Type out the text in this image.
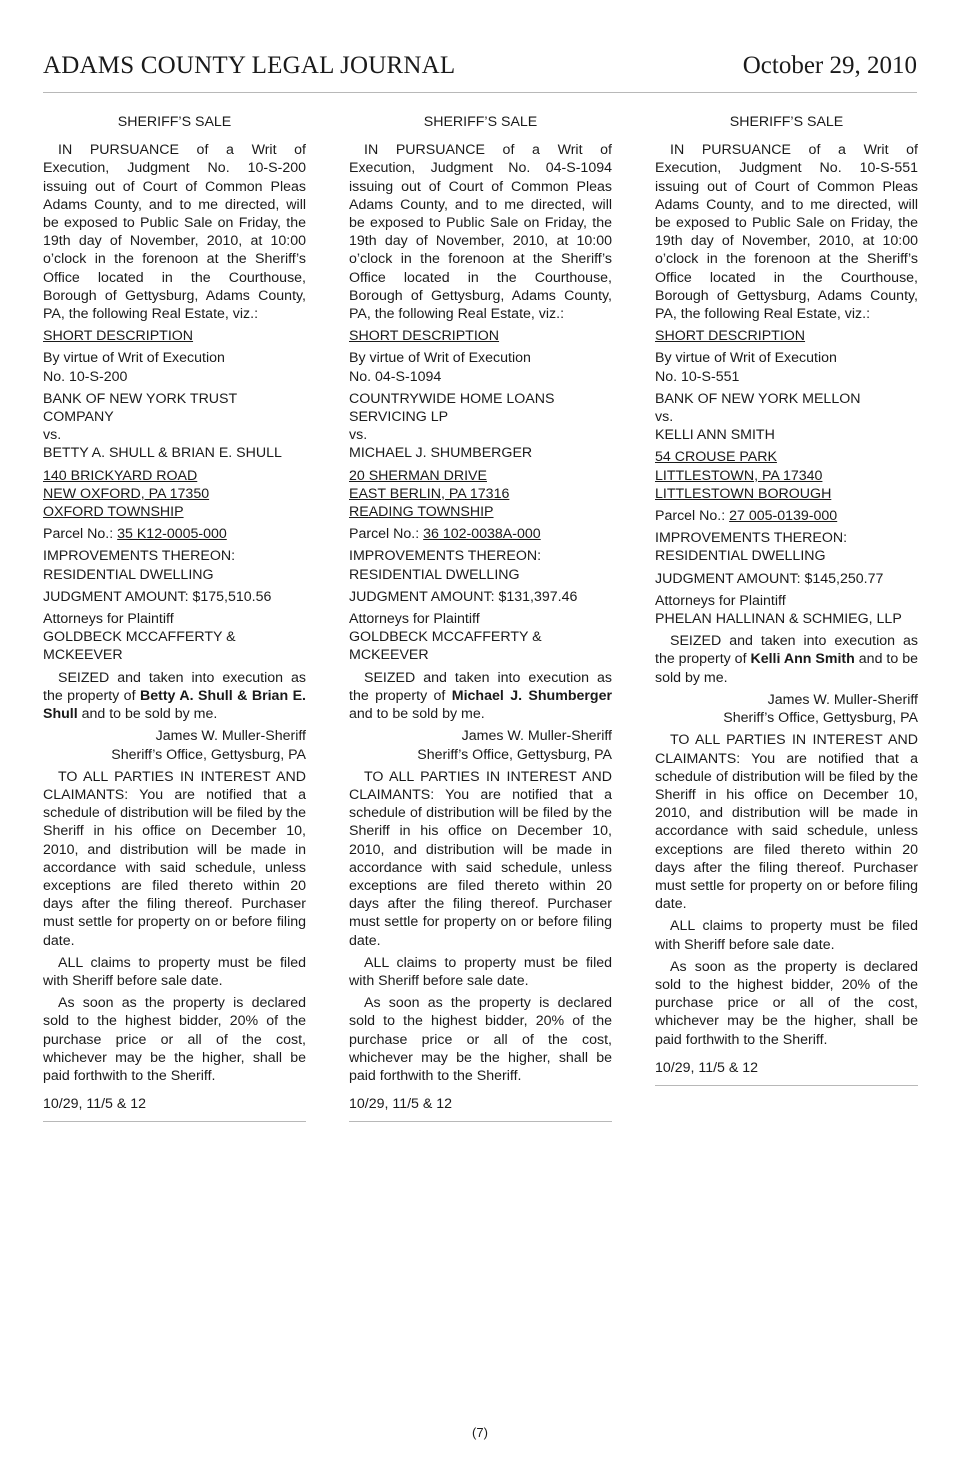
ADAMS COUNTY LEGAL JOURNAL	October 29, 2010

SHERIFF’S SALE

IN PURSUANCE of a Writ of Execution, Judgment No. 10-S-200 issuing out of Court of Common Pleas Adams County, and to me directed, will be exposed to Public Sale on Friday, the 19th day of November, 2010, at 10:00 o’clock in the forenoon at the Sheriff’s Office located in the Courthouse, Borough of Gettysburg, Adams County, PA, the following Real Estate, viz.:

SHORT DESCRIPTION

By virtue of Writ of Execution
No. 10-S-200

BANK OF NEW YORK TRUST
COMPANY
vs.
BETTY A. SHULL & BRIAN E. SHULL

140 BRICKYARD ROAD
NEW OXFORD, PA 17350
OXFORD TOWNSHIP

Parcel No.: 35 K12-0005-000

IMPROVEMENTS THEREON:
RESIDENTIAL DWELLING

JUDGMENT AMOUNT: $175,510.56

Attorneys for Plaintiff
GOLDBECK MCCAFFERTY &
MCKEEVER

SEIZED and taken into execution as the property of Betty A. Shull & Brian E. Shull and to be sold by me.

James W. Muller-Sheriff
Sheriff’s Office, Gettysburg, PA

TO ALL PARTIES IN INTEREST AND CLAIMANTS: You are notified that a schedule of distribution will be filed by the Sheriff in his office on December 10, 2010, and distribution will be made in accordance with said schedule, unless exceptions are filed thereto within 20 days after the filing thereof. Purchaser must settle for property on or before filing date.

ALL claims to property must be filed with Sheriff before sale date.

As soon as the property is declared sold to the highest bidder, 20% of the purchase price or all of the cost, whichever may be the higher, shall be paid forthwith to the Sheriff.

10/29, 11/5 & 12

SHERIFF’S SALE

IN PURSUANCE of a Writ of Execution, Judgment No. 04-S-1094 issuing out of Court of Common Pleas Adams County, and to me directed, will be exposed to Public Sale on Friday, the 19th day of November, 2010, at 10:00 o’clock in the forenoon at the Sheriff’s Office located in the Courthouse, Borough of Gettysburg, Adams County, PA, the following Real Estate, viz.:

SHORT DESCRIPTION

By virtue of Writ of Execution
No. 04-S-1094

COUNTRYWIDE HOME LOANS
SERVICING LP
vs.
MICHAEL J. SHUMBERGER

20 SHERMAN DRIVE
EAST BERLIN, PA 17316
READING TOWNSHIP

Parcel No.: 36 102-0038A-000

IMPROVEMENTS THEREON:
RESIDENTIAL DWELLING

JUDGMENT AMOUNT: $131,397.46

Attorneys for Plaintiff
GOLDBECK MCCAFFERTY &
MCKEEVER

SEIZED and taken into execution as the property of Michael J. Shumberger and to be sold by me.

James W. Muller-Sheriff
Sheriff’s Office, Gettysburg, PA

TO ALL PARTIES IN INTEREST AND CLAIMANTS: You are notified that a schedule of distribution will be filed by the Sheriff in his office on December 10, 2010, and distribution will be made in accordance with said schedule, unless exceptions are filed thereto within 20 days after the filing thereof. Purchaser must settle for property on or before filing date.

ALL claims to property must be filed with Sheriff before sale date.

As soon as the property is declared sold to the highest bidder, 20% of the purchase price or all of the cost, whichever may be the higher, shall be paid forthwith to the Sheriff.

10/29, 11/5 & 12

SHERIFF’S SALE

IN PURSUANCE of a Writ of Execution, Judgment No. 10-S-551 issuing out of Court of Common Pleas Adams County, and to me directed, will be exposed to Public Sale on Friday, the 19th day of November, 2010, at 10:00 o’clock in the forenoon at the Sheriff’s Office located in the Courthouse, Borough of Gettysburg, Adams County, PA, the following Real Estate, viz.:

SHORT DESCRIPTION

By virtue of Writ of Execution
No. 10-S-551

BANK OF NEW YORK MELLON
vs.
KELLI ANN SMITH

54 CROUSE PARK
LITTLESTOWN, PA 17340
LITTLESTOWN BOROUGH

Parcel No.: 27 005-0139-000

IMPROVEMENTS THEREON:
RESIDENTIAL DWELLING

JUDGMENT AMOUNT: $145,250.77

Attorneys for Plaintiff
PHELAN HALLINAN & SCHMIEG, LLP

SEIZED and taken into execution as the property of Kelli Ann Smith and to be sold by me.

James W. Muller-Sheriff
Sheriff’s Office, Gettysburg, PA

TO ALL PARTIES IN INTEREST AND CLAIMANTS: You are notified that a schedule of distribution will be filed by the Sheriff in his office on December 10, 2010, and distribution will be made in accordance with said schedule, unless exceptions are filed thereto within 20 days after the filing thereof. Purchaser must settle for property on or before filing date.

ALL claims to property must be filed with Sheriff before sale date.

As soon as the property is declared sold to the highest bidder, 20% of the purchase price or all of the cost, whichever may be the higher, shall be paid forthwith to the Sheriff.

10/29, 11/5 & 12

(7)
